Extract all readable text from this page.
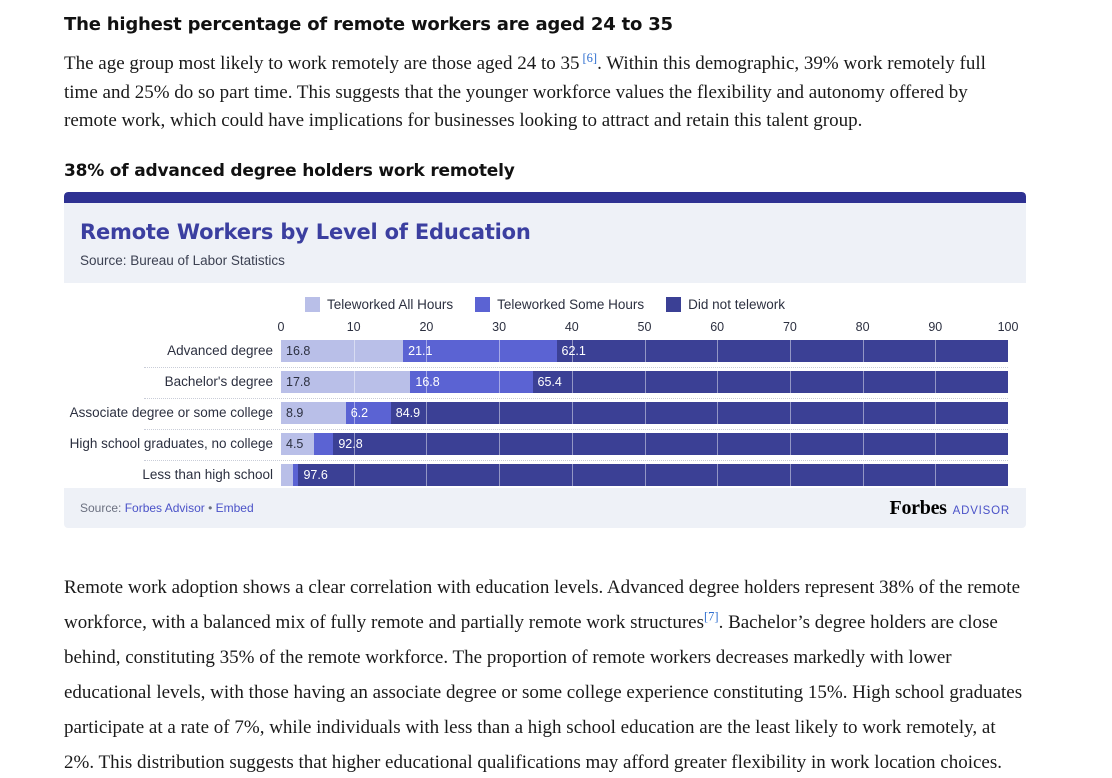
The highest percentage of remote workers are aged 24 to 35

The age group most likely to work remotely are those aged 24 to 35 [6]. Within this demographic, 39% work remotely full time and 25% do so part time. This suggests that the younger workforce values the flexibility and autonomy offered by remote work, which could have implications for businesses looking to attract and retain this talent group.

38% of advanced degree holders work remotely
Remote Workers by Level of Education
Source: Bureau of Labor Statistics
Teleworked All Hours	Teleworked Some Hours	Did not telework
0	10	20	30	40	50	60	70	80	90	100
Advanced degree	16.8	21.1	62.1
Bachelor's degree	17.8	16.8	65.4
Associate degree or some college	8.9	6.2	84.9
High school graduates, no college	4.5	92.8
Less than high school	97.6
Source: Forbes Advisor • Embed	Forbes ADVISOR

Remote work adoption shows a clear correlation with education levels. Advanced degree holders represent 38% of the remote workforce, with a balanced mix of fully remote and partially remote work structures[7]. Bachelor’s degree holders are close behind, constituting 35% of the remote workforce. The proportion of remote workers decreases markedly with lower educational levels, with those having an associate degree or some college experience constituting 15%. High school graduates participate at a rate of 7%, while individuals with less than a high school education are the least likely to work remotely, at 2%. This distribution suggests that higher educational qualifications may afford greater flexibility in work location choices.
